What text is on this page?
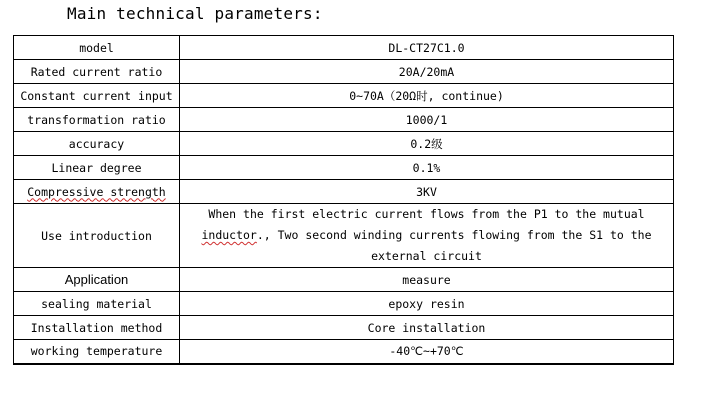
Main technical parameters:
model	DL-CT27C1.0
Rated current ratio	20A/20mA
Constant current input	0~70A（20Ω时, continue)
transformation ratio	1000/1
accuracy	0.2级
Linear degree	0.1%
Compressive strength	3KV
Use introduction	When the first electric current flows from the P1 to the mutual
inductor., Two second winding currents flowing from the S1 to the
external circuit
Application	measure
sealing material	epoxy resin
Installation method	Core installation
working temperature	-40℃~+70℃
